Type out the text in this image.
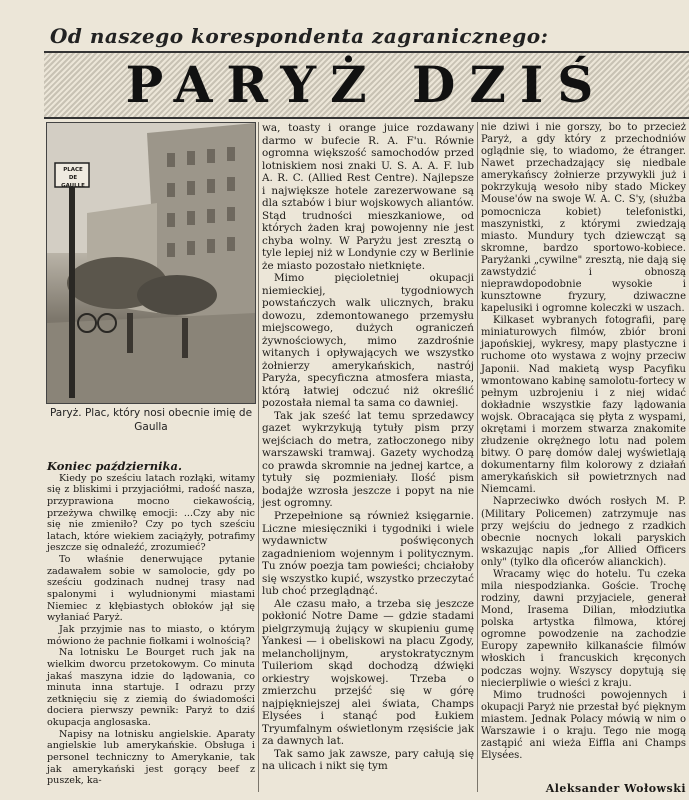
Od naszego korespondenta zagranicznego:
PARYŻ DZIŚ
PLACE
DE GAULLE
Paryż. Plac, który nosi obecnie imię de Gaulla

Koniec października.

Kiedy po sześciu latach rozłąki, witamy się z bliskimi i przyjaciółmi, radość nasza, przyprawiona mocno ciekawością, przeżywa chwilkę emocji: ...Czy aby nic się nie zmieniło? Czy po tych sześciu latach, które wiekiem zaciążyły, potrafimy jeszcze się odnaleźć, zrozumieć?

To właśnie denerwujące pytanie zadawałem sobie w samolocie, gdy po sześciu godzinach nudnej trasy nad spalonymi i wyludnionymi miastami Niemiec z kłębiastych obłoków jął się wyłaniać Paryż.

Jak przyjmie nas to miasto, o którym mówiono że pachnie fiołkami i wolnością?

Na lotnisku Le Bourget ruch jak na wielkim dworcu przetokowym. Co minuta jakaś maszyna idzie do lądowania, co minuta inna startuje. I odrazu przy zetknięciu się z ziemią do świadomości dociera pierwszy pewnik: Paryż to dziś okupacja anglosaska.

Napisy na lotnisku angielskie. Aparaty angielskie lub amerykańskie. Obsługa i personel techniczny to Amerykanie, tak jak amerykański jest gorący beef z puszek, ka-

wa, toasty i orange juice rozdawany darmo w bufecie R. A. F'u. Równie ogromna większość samochodów przed lotniskiem nosi znaki U. S. A. A. F. lub A. R. C. (Allied Rest Centre). Najlepsze i największe hotele zarezerwowane są dla sztabów i biur wojskowych aliantów. Stąd trudności mieszkaniowe, od których żaden kraj powojenny nie jest chyba wolny. W Paryżu jest zresztą o tyle lepiej niż w Londynie czy w Berlinie że miasto pozostało nietknięte.

Mimo pięcioletniej okupacji niemieckiej, tygodniowych powstańczych walk ulicznych, braku dowozu, zdemontowanego przemysłu miejscowego, dużych ograniczeń żywnościowych, mimo zazdrośnie witanych i opływających we wszystko żołnierzy amerykańskich, nastrój Paryża, specyficzna atmosfera miasta, którą łatwiej odczuć niż określić pozostała niemal ta sama co dawniej.

Tak jak sześć lat temu sprzedawcy gazet wykrzykują tytuły pism przy wejściach do metra, zatłoczonego niby warszawski tramwaj. Gazety wychodzą co prawda skromnie na jednej kartce, a tytuły się pozmieniały. Ilość pism bodajże wzrosła jeszcze i popyt na nie jest ogromny.

Przepełnione są również księgarnie. Liczne miesięczniki i tygodniki i wiele wydawnictw poświęconych zagadnieniom wojennym i politycznym. Tu znów poezja tam powieści; chciałoby się wszystko kupić, wszystko przeczytać lub choć przeglądnąć.

Ale czasu mało, a trzeba się jeszcze pokłonić Notre Dame — gdzie stadami pielgrzymują żujący w skupieniu gumę Yankesi — i obeliskowi na placu Zgody, melancholijnym, arystokratycznym Tuileriom skąd dochodzą dźwięki orkiestry wojskowej. Trzeba o zmierzchu przejść się w górę najpiękniejszej alei świata, Champs Elysées i stanąć pod Łukiem Tryumfalnym oświetlonym rzęsiście jak za dawnych lat.

Tak samo jak zawsze, pary całują się na ulicach i nikt się tym

nie dziwi i nie gorszy, bo to przecież Paryż, a gdy który z przechodniów oglądnie się, to wiadomo, że étranger. Nawet przechadzający się niedbale amerykańscy żołnierze przywykli już i pokrzykują wesoło niby stado Mickey Mouse'ów na swoje W. A. C. S'y, (służba pomocnicza kobiet) telefonistki, maszynistki, z którymi zwiedzają miasto. Mundury tych dziewcząt są skromne, bardzo sportowo-kobiece. Paryżanki „cywilne" zresztą, nie dają się zawstydzić i obnoszą nieprawdopodobnie wysokie i kunsztowne fryzury, dziwaczne kapelusiki i ogromne koleczki w uszach.

Kilkaset wybranych fotografii, parę miniaturowych filmów, zbiór broni japońskiej, wykresy, mapy plastyczne i ruchome oto wystawa z wojny przeciw Japonii. Nad makietą wysp Pacyfiku wmontowano kabinę samolotu-fortecy w pełnym uzbrojeniu i z niej widać dokładnie wszystkie fazy lądowania wojsk. Obracająca się płyta z wyspami, okrętami i morzem stwarza znakomite złudzenie okrężnego lotu nad polem bitwy. O parę domów dalej wyświetlają dokumentarny film kolorowy z działań amerykańskich sił powietrznych nad Niemcami.

Naprzeciwko dwóch rosłych M. P. (Military Policemen) zatrzymuje nas przy wejściu do jednego z rzadkich obecnie nocnych lokali paryskich wskazując napis „for Allied Officers only" (tylko dla oficerów alianckich).

Wracamy więc do hotelu. Tu czeka mila niespodzianka. Goście. Trochę rodziny, dawni przyjaciele, generał Mond, Irasema Dilian, młodziutka polska artystka filmowa, której ogromne powodzenie na zachodzie Europy zapewniło kilkanaście filmów włoskich i francuskich kręconych podczas wojny. Wszyscy dopytują się niecierpliwie o wieści z kraju.

Mimo trudności powojennych i okupacji Paryż nie przestał być pięknym miastem. Jednak Polacy mówią w nim o Warszawie i o kraju. Tego nie mogą zastąpić ani wieża Eiffla ani Champs Elysées.

Aleksander Wołowski
